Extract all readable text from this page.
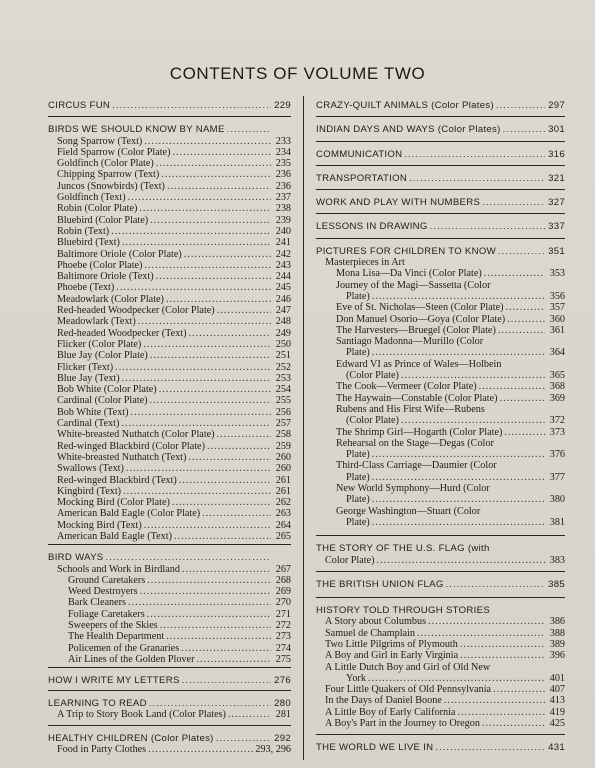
CONTENTS OF VOLUME TWO
CIRCUS FUN .....	229
BIRDS WE SHOULD KNOW BY NAME
.....
Song Sparrow (Text) .....	233
Field Sparrow (Color Plate) .....	234
Goldfinch (Color Plate) .....	235
Chipping Sparrow (Text) .....	236
Juncos (Snowbirds) (Text) .....	236
Goldfinch (Text) .....	237
Robin (Color Plate) .....	238
Bluebird (Color Plate) .....	239
Robin (Text) .....	240
Bluebird (Text) .....	241
Baltimore Oriole (Color Plate) .....	242
Phoebe (Color Plate) .....	243
Baltimore Oriole (Text) .....	244
Phoebe (Text) .....	245
Meadowlark (Color Plate) .....	246
Red-headed Woodpecker (Color Plate) .....	247
Meadowlark (Text) .....	248
Red-headed Woodpecker (Text) .....	249
Flicker (Color Plate) .....	250
Blue Jay (Color Plate) .....	251
Flicker (Text) .....	252
Blue Jay (Text) .....	253
Bob White (Color Plate) .....	254
Cardinal (Color Plate) .....	255
Bob White (Text) .....	256
Cardinal (Text) .....	257
White-breasted Nuthatch (Color Plate) .....	258
Red-winged Blackbird (Color Plate) .....	259
White-breasted Nuthatch (Text) .....	260
Swallows (Text) .....	260
Red-winged Blackbird (Text) .....	261
Kingbird (Text) .....	261
Mocking Bird (Color Plate) .....	262
American Bald Eagle (Color Plate) .....	263
Mocking Bird (Text) .....	264
American Bald Eagle (Text) .....	265
BIRD WAYS
.....
Schools and Work in Birdland .....	267
Ground Caretakers .....	268
Weed Destroyers .....	269
Bark Cleaners .....	270
Foliage Caretakers .....	271
Sweepers of the Skies .....	272
The Health Department .....	273
Policemen of the Granaries .....	274
Air Lines of the Golden Plover .....	275
HOW I WRITE MY LETTERS .....	276
LEARNING TO READ .....	280
A Trip to Story Book Land (Color Plates) .....	281
HEALTHY CHILDREN (Color Plates) .....	292
Food in Party Clothes .....	293, 296
CRAZY-QUILT ANIMALS (Color Plates) .....	297
INDIAN DAYS AND WAYS (Color Plates) .....	301
COMMUNICATION .....	316
TRANSPORTATION .....	321
WORK AND PLAY WITH NUMBERS .....	327
LESSONS IN DRAWING .....	337
PICTURES FOR CHILDREN TO KNOW .....	351
Masterpieces in Art
Mona Lisa—Da Vinci (Color Plate) .....	353
Journey of the Magi—Sassetta (Color
Plate) .....	356
Eve of St. Nicholas—Steen (Color Plate) .....	357
Don Manuel Osorio—Goya (Color Plate) .....	360
The Harvesters—Bruegel (Color Plate) .....	361
Santiago Madonna—Murillo (Color
Plate) .....	364
Edward VI as Prince of Wales—Holbein
(Color Plate) .....	365
The Cook—Vermeer (Color Plate) .....	368
The Haywain—Constable (Color Plate) .....	369
Rubens and His First Wife—Rubens
(Color Plate) .....	372
The Shrimp Girl—Hogarth (Color Plate) .....	373
Rehearsal on the Stage—Degas (Color
Plate) .....	376
Third-Class Carriage—Daumier (Color
Plate) .....	377
New World Symphony—Hurd (Color
Plate) .....	380
George Washington—Stuart (Color
Plate) .....	381
THE STORY OF THE U.S. FLAG (with
Color Plate) .....	383
THE BRITISH UNION FLAG .....	385
HISTORY TOLD THROUGH STORIES
A Story about Columbus .....	386
Samuel de Champlain .....	388
Two Little Pilgrims of Plymouth .....	389
A Boy and Girl in Early Virginia .....	396
A Little Dutch Boy and Girl of Old New
York .....	401
Four Little Quakers of Old Pennsylvania .....	407
In the Days of Daniel Boone .....	413
A Little Boy of Early California .....	419
A Boy's Part in the Journey to Oregon .....	425
THE WORLD WE LIVE IN .....	431
